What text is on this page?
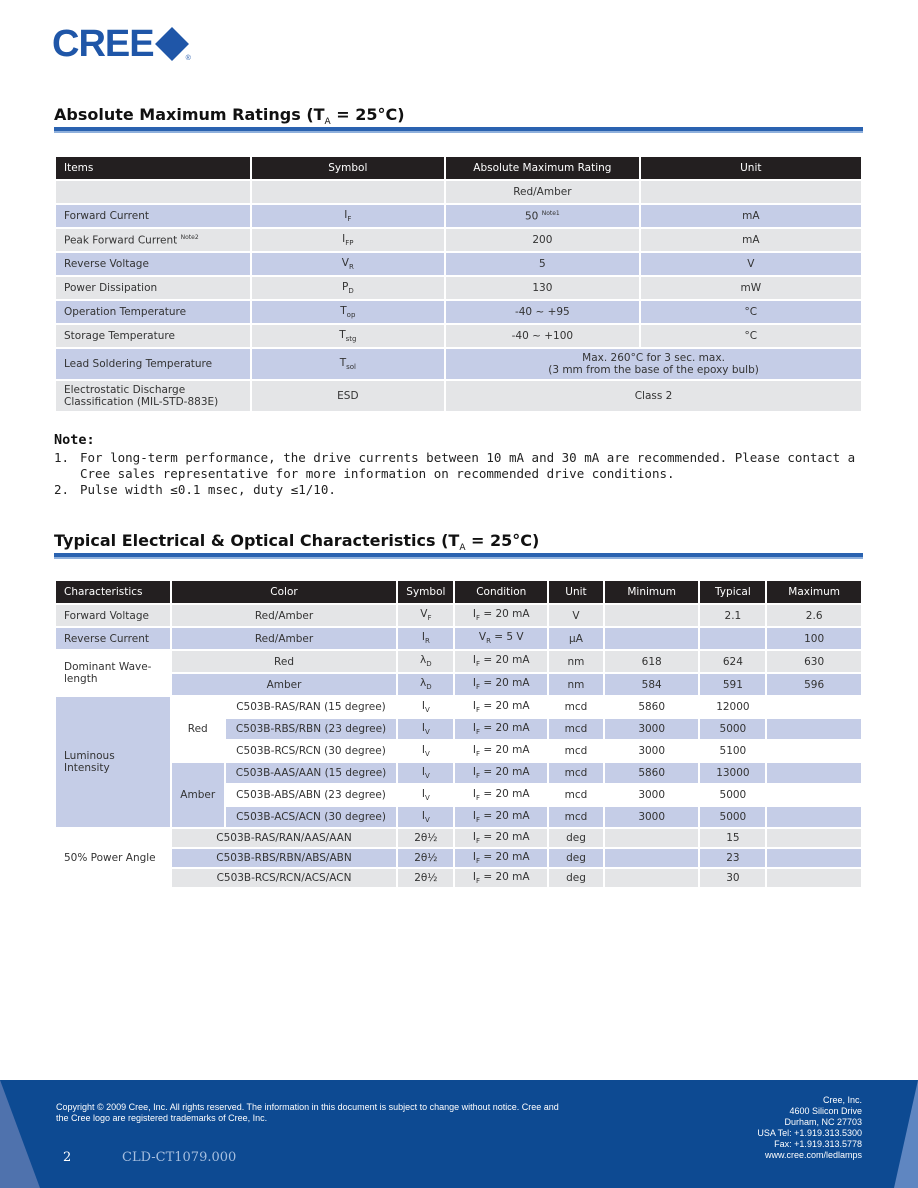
CREE	®
Absolute Maximum Ratings $(T_A = 25^\circ C)$
Items	Symbol	Absolute Maximum Rating	Unit
		Red/Amber	
Forward Current	$I_F$	50 $^{Note1}$	mA
Peak Forward Current $^{Note2}$	$I_{FP}$	200	mA
Reverse Voltage	$V_R$	5	V
Power Dissipation	$P_D$	130	mW
Operation Temperature	$T_{op}$	-40 ~ +95	°C
Storage Temperature	$T_{stg}$	-40 ~ +100	°C
Lead Soldering Temperature	$T_{sol}$	Max. 260°C for 3 sec. max.
(3 mm from the base of the epoxy bulb)	

Electrostatic Discharge
Classification (MIL-STD-883E)	ESD	Class 2	
Note:
1. For long-term performance, the drive currents between 10 mA and 30 mA are recommended. Please contact a
Cree sales representative for more information on recommended drive conditions.
2. Pulse width ≤0.1 msec, duty ≤1/10.
Typical Electrical & Optical Characteristics $(T_A = 25^\circ C)$
Characteristics	Color		Symbol	Condition	Unit	Minimum	Typical	Maximum
Forward Voltage	Red/Amber		$V_F$	$I_F = 20$ mA	V		2.1	2.6
Reverse Current	Red/Amber		$I_R$	$V_R = 5$ V	µA			100

Dominant Wave-
length	Red		$\lambda_D$	$I_F = 20$ mA	nm	618	624	630
	Amber		$\lambda_D$	$I_F = 20$ mA	nm	584	591	596
Luminous Intensity	Red	C503B-RAS/RAN (15 degree)	$I_V$	$I_F = 20$ mA	mcd	5860	12000	
		C503B-RBS/RBN (23 degree)	$I_V$	$I_F = 20$ mA	mcd	3000	5000	
		C503B-RCS/RCN (30 degree)	$I_V$	$I_F = 20$ mA	mcd	3000	5100	
	Amber	C503B-AAS/AAN (15 degree)	$I_V$	$I_F = 20$ mA	mcd	5860	13000	
		C503B-ABS/ABN (23 degree)	$I_V$	$I_F = 20$ mA	mcd	3000	5000	
		C503B-ACS/ACN (30 degree)	$I_V$	$I_F = 20$ mA	mcd	3000	5000	
50% Power Angle	C503B-RAS/RAN/AAS/AAN		2θ½	$I_F = 20$ mA	deg		15	
	C503B-RBS/RBN/ABS/ABN		2θ½	$I_F = 20$ mA	deg		23	
	C503B-RCS/RCN/ACS/ACN		2θ½	$I_F = 20$ mA	deg		30	
Copyright © 2009 Cree, Inc. All rights reserved. The information in this document is subject to change without notice. Cree and
the Cree logo are registered trademarks of Cree, Inc.
Cree, Inc.
4600 Silicon Drive
Durham, NC 27703
USA Tel: +1.919.313.5300
Fax: +1.919.313.5778
www.cree.com/ledlamps
2	CLD-CT1079.000
